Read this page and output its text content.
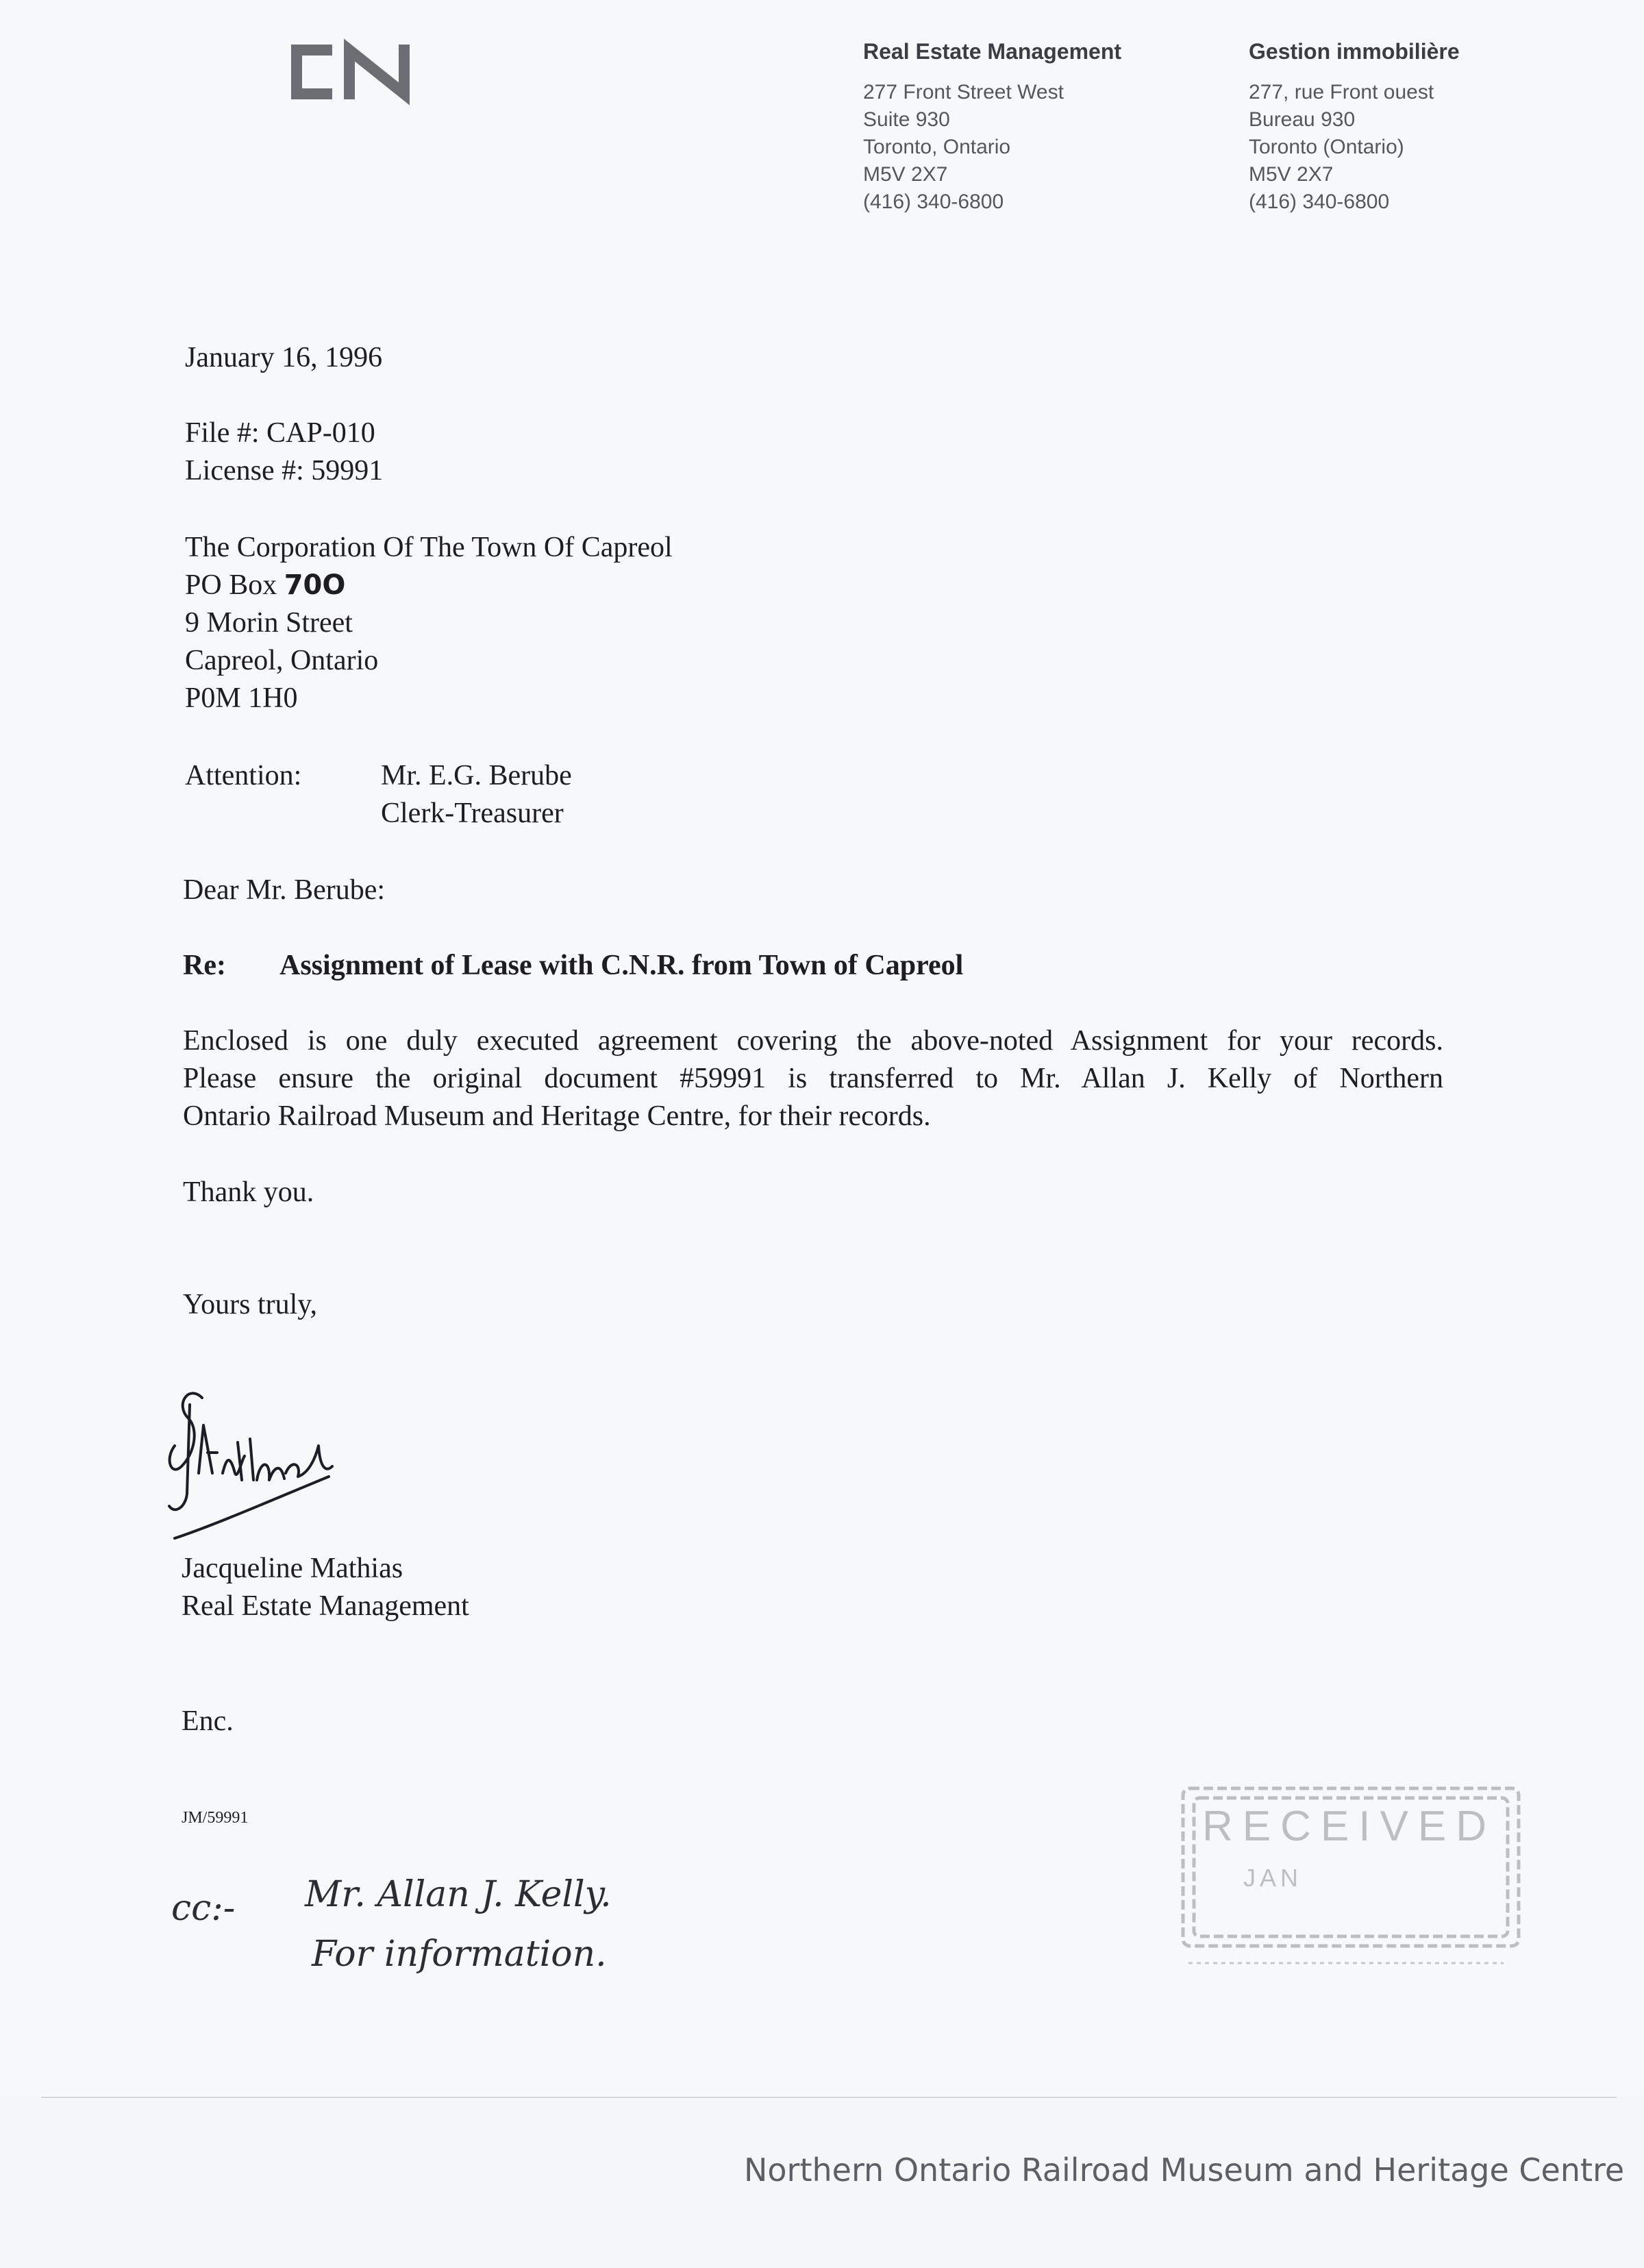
CN
Real Estate Management
277 Front Street West
Suite 930
Toronto, Ontario
M5V 2X7
(416) 340-6800
Gestion immobilière
277, rue Front ouest
Bureau 930
Toronto (Ontario)
M5V 2X7
(416) 340-6800
January 16, 1996
File #: CAP-010
License #: 59991
The Corporation Of The Town Of Capreol
PO Box 70O
9 Morin Street
Capreol, Ontario
P0M 1H0
Attention:	Mr. E.G. Berube
Clerk-Treasurer
Dear Mr. Berube:
Re: Assignment of Lease with C.N.R. from Town of Capreol
Enclosed is one duly executed agreement covering the above-noted Assignment for your records.
Please ensure the original document #59991 is transferred to Mr. Allan J. Kelly of Northern
Ontario Railroad Museum and Heritage Centre, for their records.
Thank you.
Yours truly,
Jacqueline Mathias
Real Estate Management
Enc.
JM/59991
cc:- Mr. Allan J. Kelly.
For information.
RECEIVED
JAN
Northern Ontario Railroad Museum and Heritage Centre
